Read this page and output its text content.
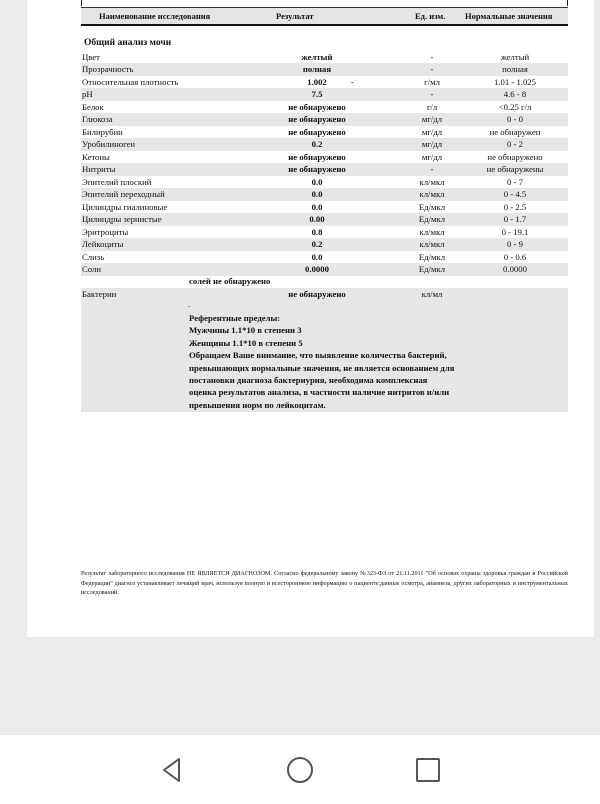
Наименование исследования	Результат	Ед. изм. Нормальные значения
Общий анализ мочи
Цвет	желтый	-	желтый
Прозрачность	полная	-	полная
Относительная плотность	1.002	г/мл	1.01 - 1.025
-
pH	7.5	-	4.6 - 8
Белок	не обнаружено	г/л	<0.25 г/л
Глюкоза	не обнаружено	мг/дл	0 - 0
Билирубин	не обнаружено	мг/дл	не обнаружен
Уробилиноген	0.2	мг/дл	0 - 2
Кетоны	не обнаружено	мг/дл	не обнаружено
Нитриты	не обнаружено	-	не обнаружены
Эпителий плоский	0.0	кл/мкл	0 - 7
Эпителий переходный	0.0	кл/мкл	0 - 4.5
Цилиндры гиалиновые	0.0	Ед/мкл	0 - 2.5
Цилиндры зернистые	0.00	Ед/мкл	0 - 1.7
Эритроциты	0.8	кл/мкл	0 - 19.1
Лейкоциты	0.2	кл/мкл	0 - 9
Слизь	0.0	Ед/мкл	0 - 0.6
Соли	0.0000	Ед/мкл	0.0000
солей не обнаружено
Бактерии	не обнаружено	кл/мл
.
Референтные пределы:
Мужчины 1.1*10 в степени 3
Женщины 1.1*10 в степени 5
Обращаем Ваше внимание, что выявление количества бактерий,
превышающих нормальные значения, не является основанием для
постановки диагноза бактериурия, необходима комплексная
оценка результатов анализа, в частности наличие нитритов и/или
превышения норм по лейкоцитам.
Результат лабораторного исследования НЕ ЯВЛЯЕТСЯ ДИАГНОЗОМ. Согласно федеральному закону №323-ФЗ от 21.11.2011 "Об основах охраны здоровья граждан в Российской Федерации" диагноз устанавливает лечащий врач, используя полную и всестороннюю информацию о пациенте:данные осмотра, анамнеза, других лабораторных и инструментальных исследований.
